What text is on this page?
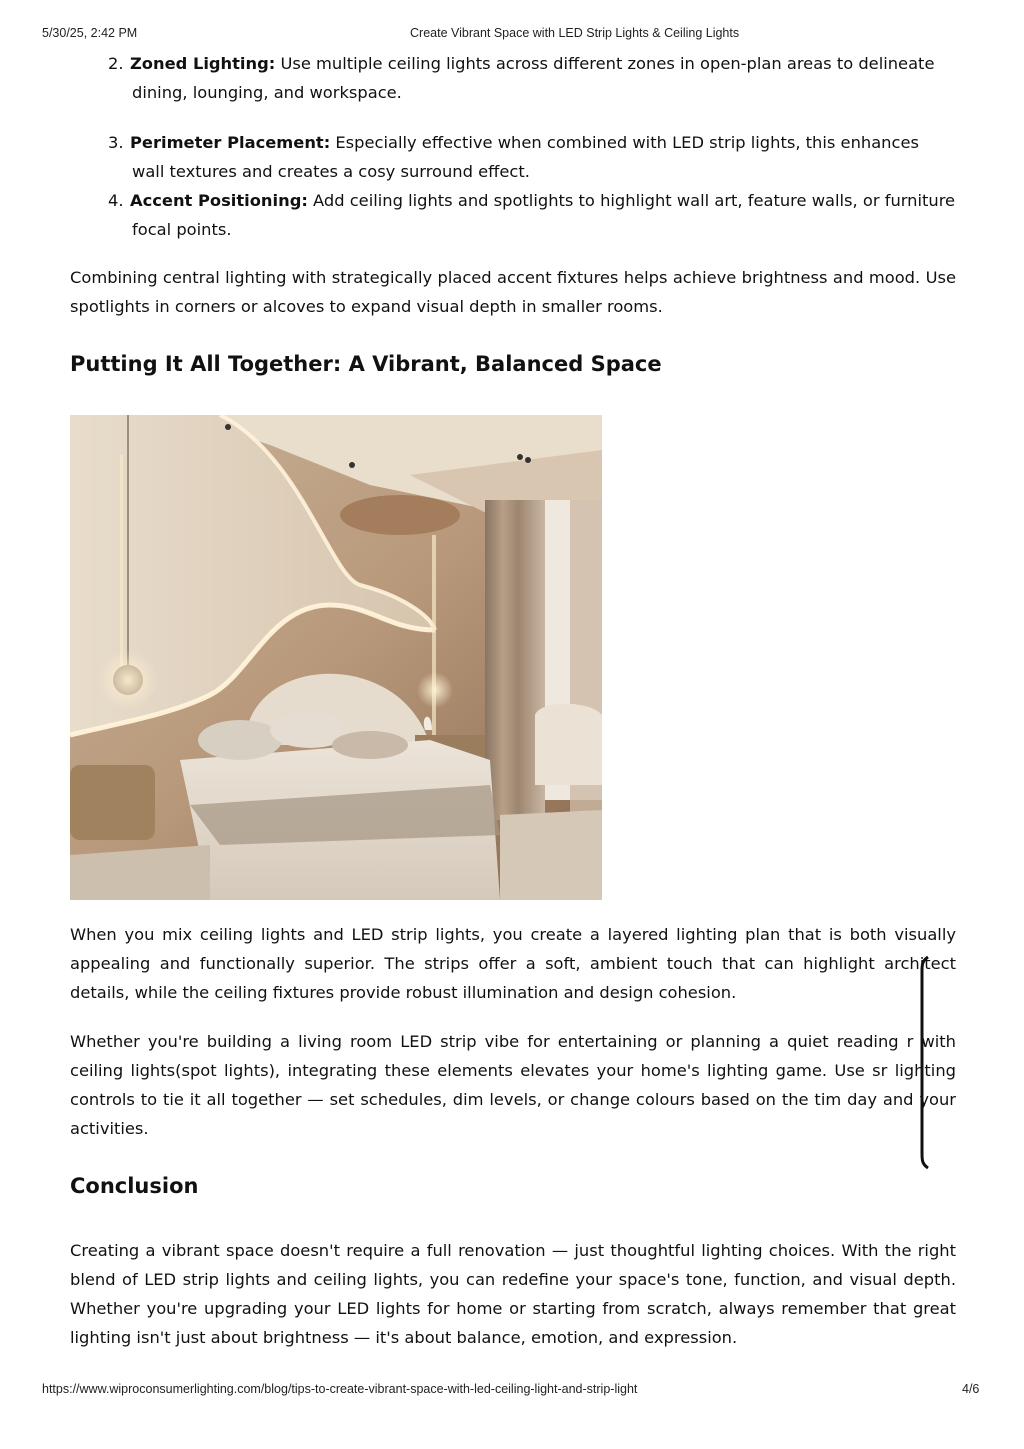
5/30/25, 2:42 PM	Create Vibrant Space with LED Strip Lights & Ceiling Lights
2. Zoned Lighting: Use multiple ceiling lights across different zones in open-plan areas to delineate dining, lounging, and workspace.
3. Perimeter Placement: Especially effective when combined with LED strip lights, this enhances wall textures and creates a cosy surround effect.
4. Accent Positioning: Add ceiling lights and spotlights to highlight wall art, feature walls, or furniture focal points.

Combining central lighting with strategically placed accent fixtures helps achieve brightness and mood. Use spotlights in corners or alcoves to expand visual depth in smaller rooms.

Putting It All Together: A Vibrant, Balanced Space

When you mix ceiling lights and LED strip lights, you create a layered lighting plan that is both visually appealing and functionally superior. The strips offer a soft, ambient touch that can highlight architect details, while the ceiling fixtures provide robust illumination and design cohesion.

Whether you're building a living room LED strip vibe for entertaining or planning a quiet reading r with ceiling lights(spot lights), integrating these elements elevates your home's lighting game. Use sr lighting controls to tie it all together — set schedules, dim levels, or change colours based on the tim day and your activities.

Conclusion

Creating a vibrant space doesn't require a full renovation — just thoughtful lighting choices. With the right blend of LED strip lights and ceiling lights, you can redefine your space's tone, function, and visual depth. Whether you're upgrading your LED lights for home or starting from scratch, always remember that great lighting isn't just about brightness — it's about balance, emotion, and expression.

https://www.wiproconsumerlighting.com/blog/tips-to-create-vibrant-space-with-led-ceiling-light-and-strip-light	4/6
